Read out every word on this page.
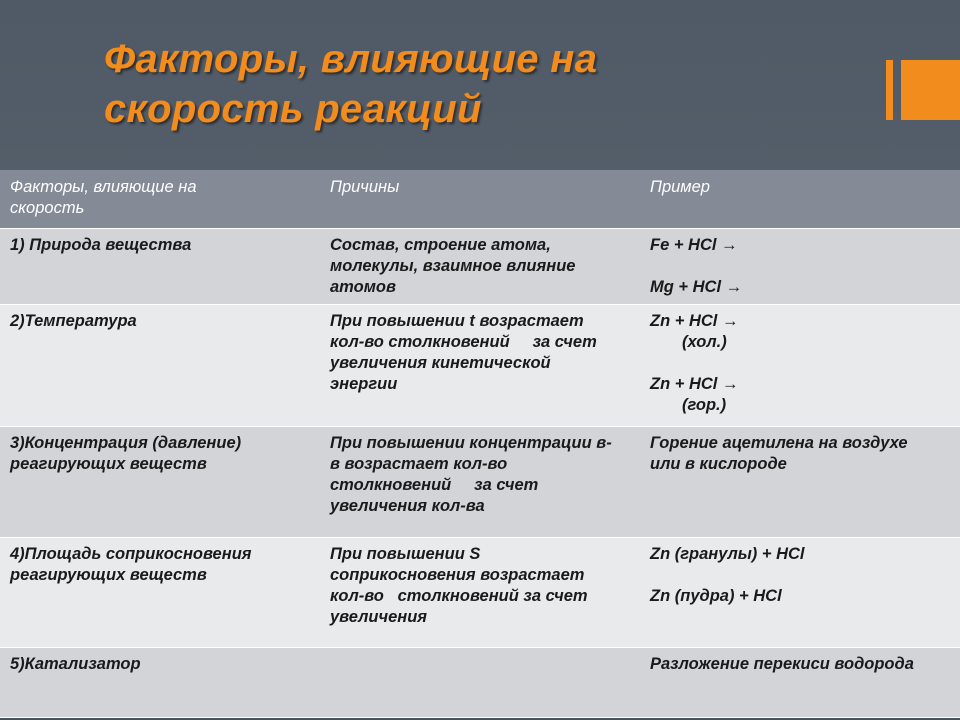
Факторы, влияющие на
скорость реакций
Факторы, влияющие на
скорость	Причины	Пример

1) Природа вещества	Состав, строение атома,
молекулы, взаимное влияние
атомов	Fe + HCl →
Mg + HCl →

2)Температура	При повышении t возрастает
кол-во столкновений     за счет
увеличения кинетической
энергии	Zn + HCl →
(хол.)
Zn + HCl →
(гор.)

3)Концентрация (давление)
реагирующих веществ	При повышении концентрации в-
в возрастает кол-во
столкновений     за счет
увеличения кол-ва	Горение ацетилена на воздухе
или в кислороде

4)Площадь соприкосновения
реагирующих веществ	При повышении S
соприкосновения возрастает
кол-во   столкновений за счет
увеличения	Zn (гранулы) + HCl
Zn (пудра) + HCl

5)Катализатор		Разложение перекиси водорода
